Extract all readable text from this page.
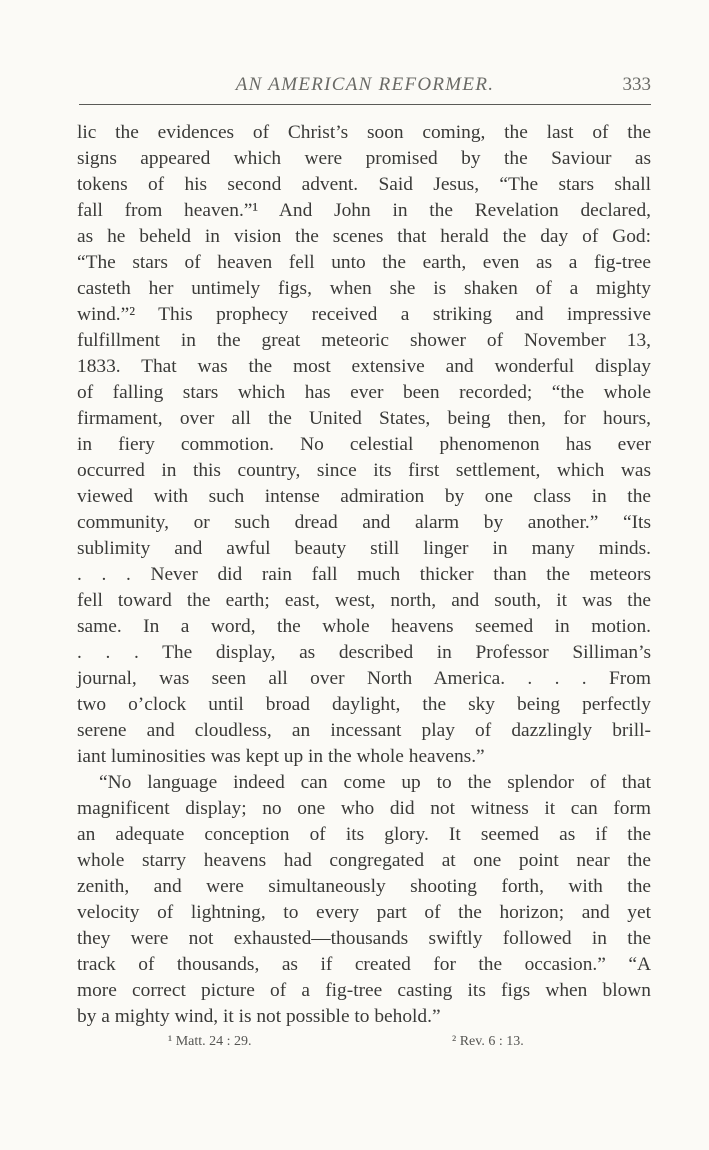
AN AMERICAN REFORMER.	333
lic the evidences of Christ’s soon coming, the last of the
signs appeared which were promised by the Saviour as
tokens of his second advent. Said Jesus, “The stars shall
fall from heaven.”¹ And John in the Revelation declared,
as he beheld in vision the scenes that herald the day of God:
“The stars of heaven fell unto the earth, even as a fig-tree
casteth her untimely figs, when she is shaken of a mighty
wind.”² This prophecy received a striking and impressive
fulfillment in the great meteoric shower of November 13,
1833. That was the most extensive and wonderful display
of falling stars which has ever been recorded; “the whole
firmament, over all the United States, being then, for hours,
in fiery commotion. No celestial phenomenon has ever
occurred in this country, since its first settlement, which was
viewed with such intense admiration by one class in the
community, or such dread and alarm by another.” “Its
sublimity and awful beauty still linger in many minds.
. . . Never did rain fall much thicker than the meteors
fell toward the earth; east, west, north, and south, it was the
same. In a word, the whole heavens seemed in motion.
. . . The display, as described in Professor Silliman’s
journal, was seen all over North America. . . . From
two o’clock until broad daylight, the sky being perfectly
serene and cloudless, an incessant play of dazzlingly brill-
iant luminosities was kept up in the whole heavens.”
“No language indeed can come up to the splendor of that
magnificent display; no one who did not witness it can form
an adequate conception of its glory. It seemed as if the
whole starry heavens had congregated at one point near the
zenith, and were simultaneously shooting forth, with the
velocity of lightning, to every part of the horizon; and yet
they were not exhausted—thousands swiftly followed in the
track of thousands, as if created for the occasion.” “A
more correct picture of a fig-tree casting its figs when blown
by a mighty wind, it is not possible to behold.”
¹ Matt. 24 : 29.	² Rev. 6 : 13.
